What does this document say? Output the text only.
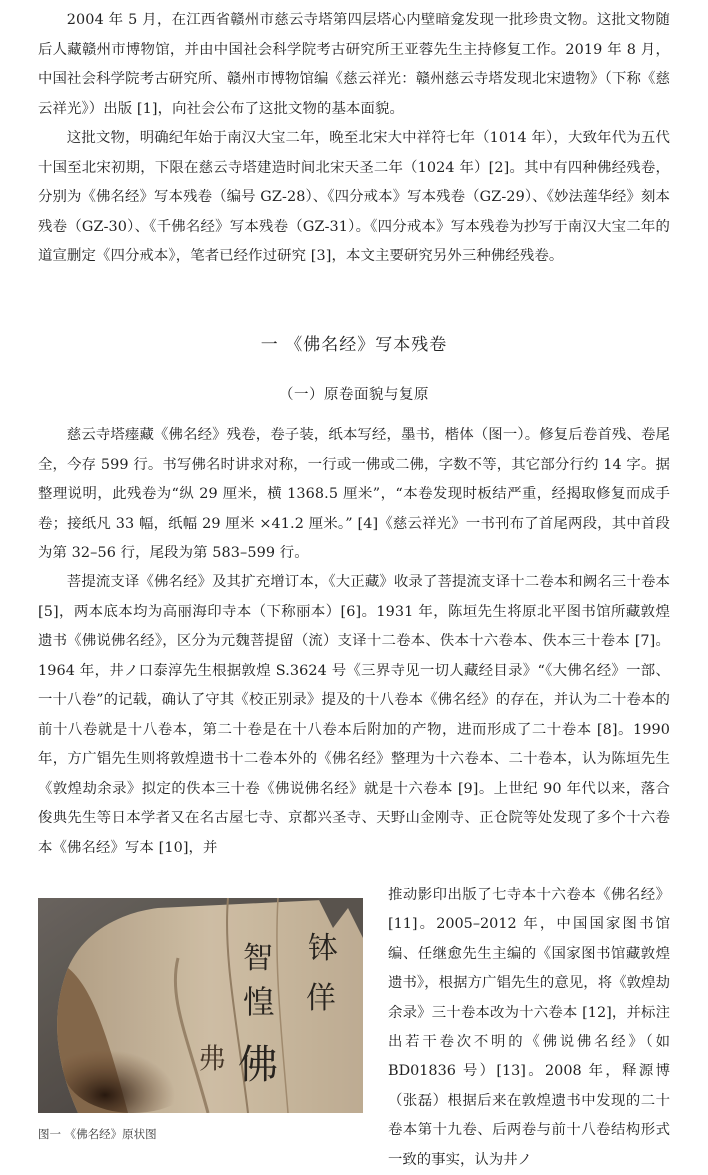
2004 年 5 月，在江西省赣州市慈云寺塔第四层塔心内壁暗龛发现一批珍贵文物。这批文物随后人藏赣州市博物馆，并由中国社会科学院考古研究所王亚蓉先生主持修复工作。2019 年 8 月，中国社会科学院考古研究所、赣州市博物馆编《慈云祥光：赣州慈云寺塔发现北宋遗物》（下称《慈云祥光》）出版 [1]，向社会公布了这批文物的基本面貌。

这批文物，明确纪年始于南汉大宝二年，晚至北宋大中祥符七年（1014 年），大致年代为五代十国至北宋初期，下限在慈云寺塔建造时间北宋天圣二年（1024 年）[2]。其中有四种佛经残卷，分别为《佛名经》写本残卷（编号 GZ-28）、《四分戒本》写本残卷（GZ-29）、《妙法莲华经》刻本残卷（GZ-30）、《千佛名经》写本残卷（GZ-31）。《四分戒本》写本残卷为抄写于南汉大宝二年的道宣删定《四分戒本》，笔者已经作过研究 [3]，本文主要研究另外三种佛经残卷。

一 《佛名经》写本残卷
（一）原卷面貌与复原

慈云寺塔瘗藏《佛名经》残卷，卷子装，纸本写经，墨书，楷体（图一）。修复后卷首残、卷尾全，今存 599 行。书写佛名时讲求对称，一行或一佛或二佛，字数不等，其它部分行约 14 字。据整理说明，此残卷为“纵 29 厘米，横 1368.5 厘米”，“本卷发现时板结严重，经揭取修复而成手卷；接纸凡 33 幅，纸幅 29 厘米 ×41.2 厘米。” [4]《慈云祥光》一书刊布了首尾两段，其中首段为第 32–56 行，尾段为第 583–599 行。

菩提流支译《佛名经》及其扩充增订本，《大正藏》收录了菩提流支译十二卷本和阙名三十卷本 [5]，两本底本均为高丽海印寺本（下称丽本）[6]。1931 年，陈垣先生将原北平图书馆所藏敦煌遗书《佛说佛名经》，区分为元魏菩提留（流）支译十二卷本、佚本十六卷本、佚本三十卷本 [7]。1964 年，井ノ口泰淳先生根据敦煌 S.3624 号《三界寺见一切人藏经目录》“《大佛名经》一部、一十八卷”的记载，确认了守其《校正别录》提及的十八卷本《佛名经》的存在，并认为二十卷本的前十八卷就是十八卷本，第二十卷是在十八卷本后附加的产物，进而形成了二十卷本 [8]。1990 年，方广锠先生则将敦煌遗书十二卷本外的《佛名经》整理为十六卷本、二十卷本，认为陈垣先生《敦煌劫余录》拟定的佚本三十卷《佛说佛名经》就是十六卷本 [9]。上世纪 90 年代以来，落合俊典先生等日本学者又在名古屋七寺、京都兴圣寺、天野山金刚寺、正仓院等处发现了多个十六卷本《佛名经》写本 [10]，并

智
惶
佛
弗
钵
佯

图一 《佛名经》原状图

推动影印出版了七寺本十六卷本《佛名经》[11]。2005–2012 年，中国国家图书馆编、任继愈先生主编的《国家图书馆藏敦煌遗书》，根据方广锠先生的意见，将《敦煌劫余录》三十卷本改为十六卷本 [12]，并标注出若干卷次不明的《佛说佛名经》（如 BD01836 号）[13]。2008 年，释源博（张磊）根据后来在敦煌遗书中发现的二十卷本第十九卷、后两卷与前十八卷结构形式一致的事实，认为井ノ
